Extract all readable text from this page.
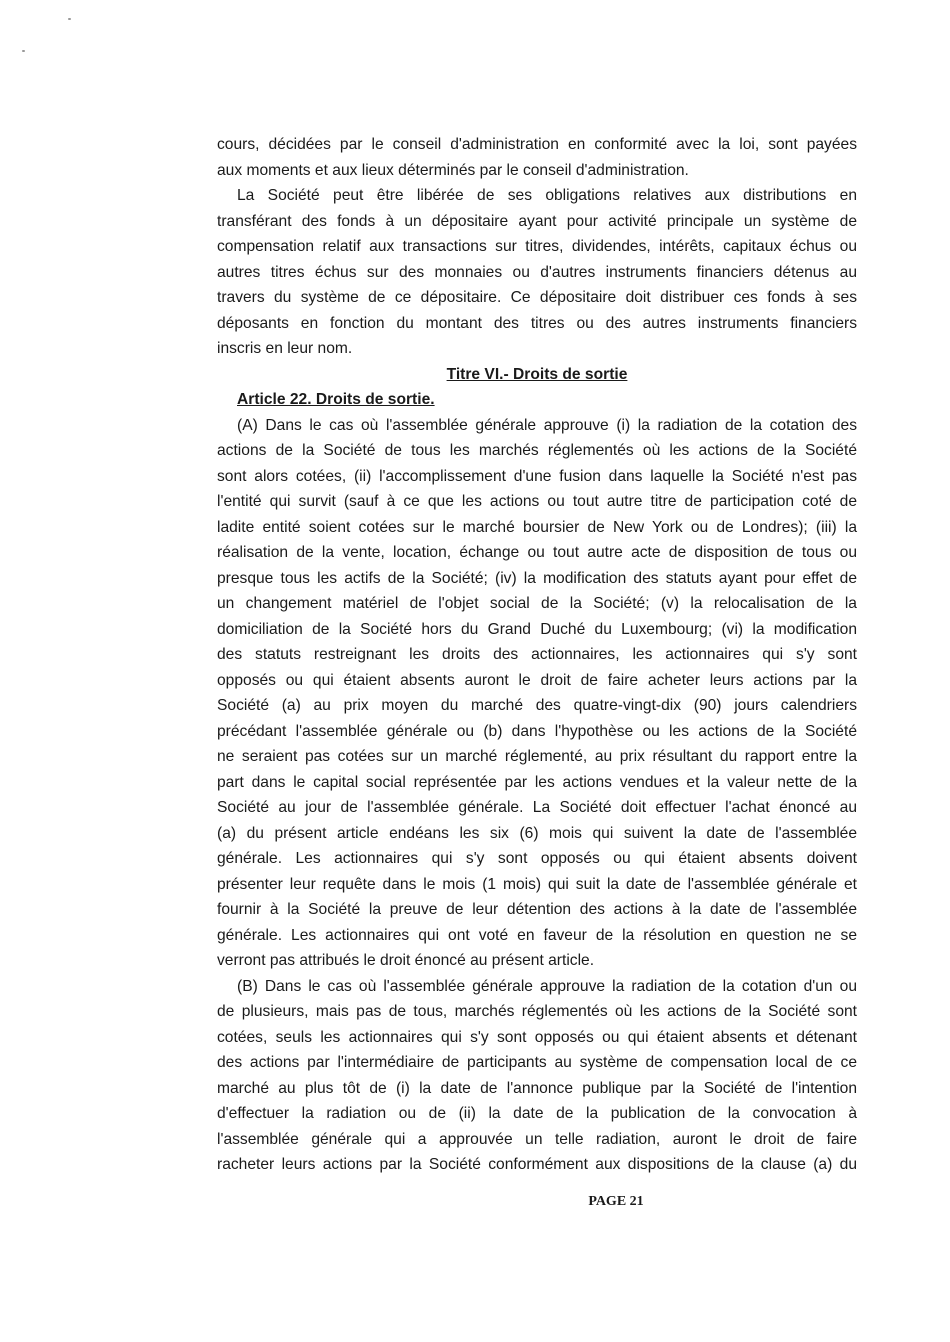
cours, décidées par le conseil d'administration en conformité avec la loi, sont payées
aux moments et aux lieux déterminés par le conseil d'administration.
La Société peut être libérée de ses obligations relatives aux distributions en
transférant des fonds à un dépositaire ayant pour activité principale un système de
compensation relatif aux transactions sur titres, dividendes, intérêts, capitaux échus ou
autres titres échus sur des monnaies ou d'autres instruments financiers détenus au
travers du système de ce dépositaire. Ce dépositaire doit distribuer ces fonds à ses
déposants en fonction du montant des titres ou des autres instruments financiers
inscris en leur nom.
Titre VI.- Droits de sortie
Article 22. Droits de sortie.
(A) Dans le cas où l'assemblée générale approuve (i) la radiation de la cotation des
actions de la Société de tous les marchés réglementés où les actions de la Société
sont alors cotées, (ii) l'accomplissement d'une fusion dans laquelle la Société n'est pas
l'entité qui survit (sauf à ce que les actions ou tout autre titre de participation coté de
ladite entité soient cotées sur le marché boursier de New York ou de Londres); (iii) la
réalisation de la vente, location, échange ou tout autre acte de disposition de tous ou
presque tous les actifs de la Société; (iv) la modification des statuts ayant pour effet de
un changement matériel de l'objet social de la Société; (v) la relocalisation de la
domiciliation de la Société hors du Grand Duché du Luxembourg; (vi) la modification
des statuts restreignant les droits des actionnaires, les actionnaires qui s'y sont
opposés ou qui étaient absents auront le droit de faire acheter leurs actions par la
Société (a) au prix moyen du marché des quatre-vingt-dix (90) jours calendriers
précédant l'assemblée générale ou (b) dans l'hypothèse ou les actions de la Société
ne seraient pas cotées sur un marché réglementé, au prix résultant du rapport entre la
part dans le capital social représentée par les actions vendues et la valeur nette de la
Société au jour de l'assemblée générale. La Société doit effectuer l'achat énoncé au
(a) du présent article endéans les six (6) mois qui suivent la date de l'assemblée
générale. Les actionnaires qui s'y sont opposés ou qui étaient absents doivent
présenter leur requête dans le mois (1 mois) qui suit la date de l'assemblée générale et
fournir à la Société la preuve de leur détention des actions à la date de l'assemblée
générale. Les actionnaires qui ont voté en faveur de la résolution en question ne se
verront pas attribués le droit énoncé au présent article.
(B) Dans le cas où l'assemblée générale approuve la radiation de la cotation d'un ou
de plusieurs, mais pas de tous, marchés réglementés où les actions de la Société sont
cotées, seuls les actionnaires qui s'y sont opposés ou qui étaient absents et détenant
des actions par l'intermédiaire de participants au système de compensation local de ce
marché au plus tôt de (i) la date de l'annonce publique par la Société de l'intention
d'effectuer la radiation ou de (ii) la date de la publication de la convocation à
l'assemblée générale qui a approuvée un telle radiation, auront le droit de faire
racheter leurs actions par la Société conformément aux dispositions de la clause (a) du
PAGE 21
